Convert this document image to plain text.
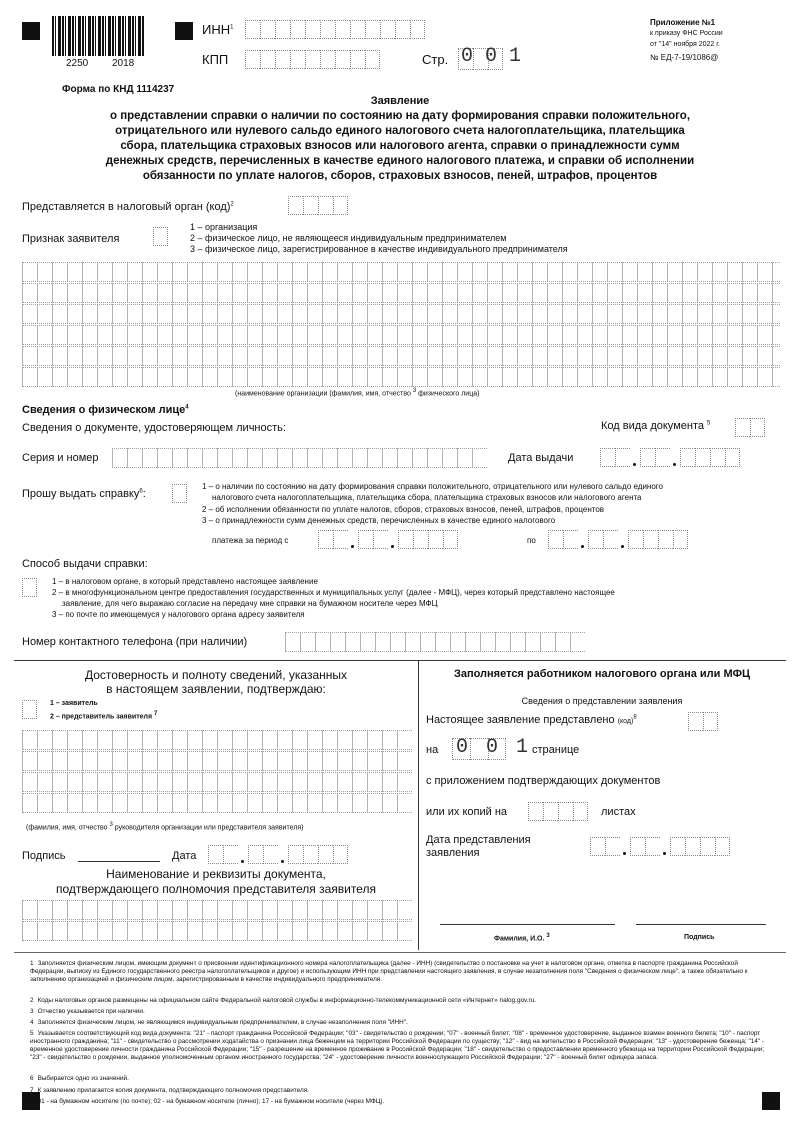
2250 2018
ИНН$^1$
КПП	Стр. 0 0 1
Приложение №1
к приказу ФНС России
от "14" ноября 2022 г.
№ ЕД-7-19/1086@
Форма по КНД 1114237
Заявление
о представлении справки о наличии по состоянию на дату формирования справки положительного,
отрицательного или нулевого сальдо единого налогового счета налогоплательщика, плательщика
сбора, плательщика страховых взносов или налогового агента, справки о принадлежности сумм
денежных средств, перечисленных в качестве единого налогового платежа, и справки об исполнении
обязанности по уплате налогов, сборов, страховых взносов, пеней, штрафов, процентов
Представляется в налоговый орган (код)$^2$
Признак заявителя
1 – организация
2 – физическое лицо, не являющееся индивидуальным предпринимателем
3 – физическое лицо, зарегистрированное в качестве индивидуального предпринимателя
(наименование организации (фамилия, имя, отчество $^3$ физического лица)
Сведения о физическом лице$^4$
Сведения о документе, удостоверяющем личность:	Код вида документа $^5$
Серия и номер	Дата выдачи
Прошу выдать справку$^6$:
1 – о наличии по состоянию на дату формирования справки положительного, отрицательного или нулевого сальдо единого
налогового счета налогоплательщика, плательщика сбора, плательщика страховых взносов или налогового агента
2 – об исполнении обязанности по уплате налогов, сборов, страховых взносов, пеней, штрафов, процентов
3 – о принадлежности сумм денежных средств, перечисленных в качестве единого налогового
платежа за период с	по
Способ выдачи справки:
1 – в налоговом органе, в который представлено настоящее заявление
2 – в многофункциональном центре предоставления государственных и муниципальных услуг (далее - МФЦ), через который представлено настоящее
заявление, для чего выражаю согласие на передачу мне справки на бумажном носителе через МФЦ
3 – по почте по имеющемуся у налогового органа адресу заявителя
Номер контактного телефона (при наличии)
Достоверность и полноту сведений, указанных
в настоящем заявлении, подтверждаю:
1 – заявитель
2 – представитель заявителя $^7$
(фамилия, имя, отчество $^3$ руководителя организации или представителя заявителя)
Подпись	Дата
Наименование и реквизиты документа,
подтверждающего полномочия представителя заявителя
Заполняется работником налогового органа или МФЦ
Сведения о представлении заявления
Настоящее заявление представлено (код)$^8$
на 0 0 1 странице
с приложением подтверждающих документов
или их копий на	листах
Дата представления
заявления
Фамилия, И.О. $^3$	Подпись
1 Заполняется физическим лицом, имеющим документ о присвоении идентификационного номера налогоплательщика (далее - ИНН) (свидетельство о постановке на учет в налоговом органе, отметка в паспорте гражданина Российской Федерации, выписку из Единого государственного реестра налогоплательщиков и другое) и использующим ИНН при представлении настоящего заявления, в случае незаполнения поля "Сведения о физическом лице", а также обязательно к заполнению организацией и физическим лицом, зарегистрированным в качестве индивидуального предпринимателя.
2 Коды налоговых органов размещены на официальном сайте Федеральной налоговой службы в информационно-телекоммуникационной сети «Интернет» nalog.gov.ru.
3 Отчество указывается при наличии.
4 Заполняется физическим лицом, не являющимся индивидуальным предпринимателем, в случае незаполнения поля "ИНН".
5 Указывается соответствующий код вида документа: "21" - паспорт гражданина Российской Федерации; "03" - свидетельство о рождении; "07" - военный билет; "08" - временное удостоверение, выданное взамен военного билета; "10" - паспорт иностранного гражданина; "11" - свидетельство о рассмотрении ходатайства о признании лица беженцем на территории Российской Федерации по существу; "12" - вид на жительство в Российской Федерации; "13" - удостоверение беженца; "14" - временное удостоверение личности гражданина Российской Федерации; "15" - разрешение на временное проживание в Российской Федерации; "18" - свидетельство о предоставлении временного убежища на территории Российской Федерации; "23" - свидетельство о рождении, выданное уполномоченным органом иностранного государства; "24" - удостоверение личности военнослужащего Российской Федерации; "27" - военный билет офицера запаса.
6 Выбирается одно из значений.
7 К заявлению прилагается копия документа, подтверждающего полномочия представителя.
8 01 - на бумажном носителе (по почте); 02 - на бумажном носителе (лично); 17 - на бумажном носителе (через МФЦ).
